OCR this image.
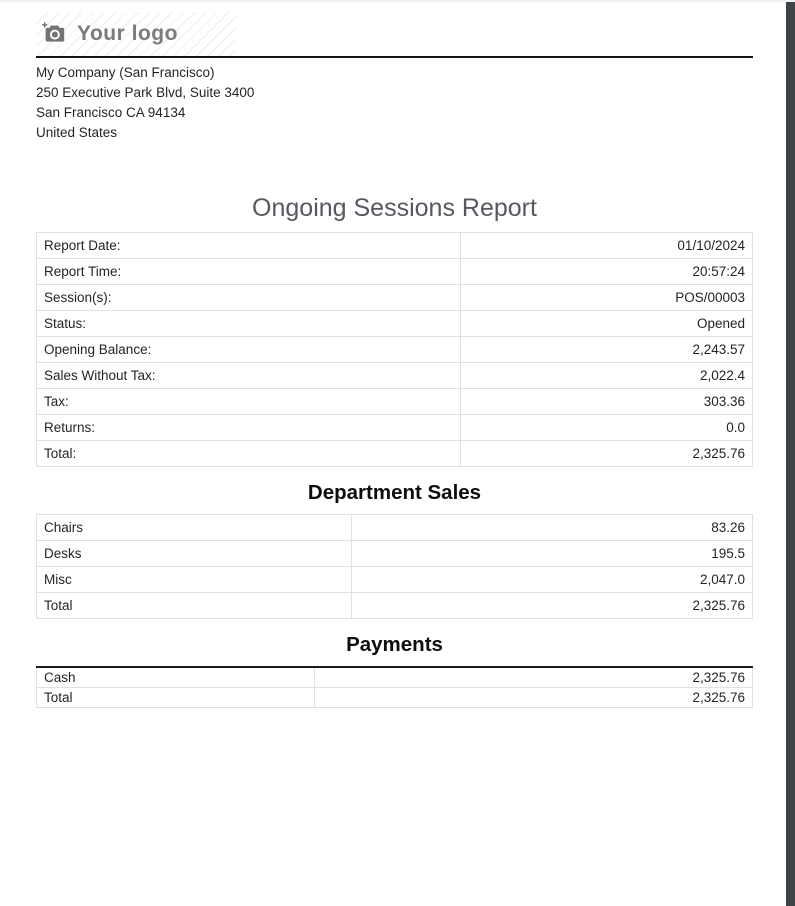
Your logo
My Company (San Francisco)
250 Executive Park Blvd, Suite 3400
San Francisco CA 94134
United States
Ongoing Sessions Report
Report Date:	01/10/2024
Report Time:	20:57:24
Session(s):	POS/00003
Status:	Opened
Opening Balance:	2,243.57
Sales Without Tax:	2,022.4
Tax:	303.36
Returns:	0.0
Total:	2,325.76
Department Sales
Chairs	83.26
Desks	195.5
Misc	2,047.0
Total	2,325.76
Payments
Cash	2,325.76
Total	2,325.76
